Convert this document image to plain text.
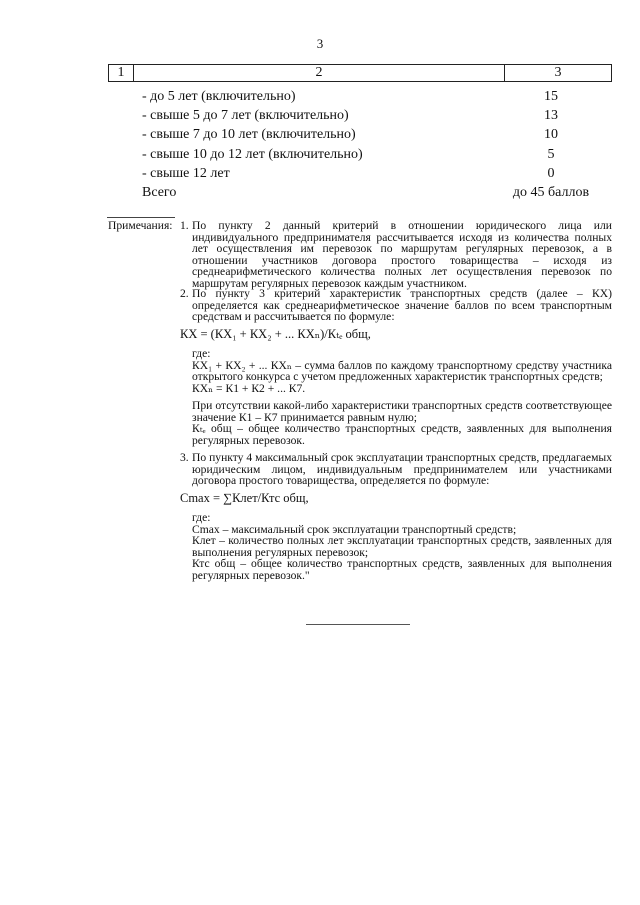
3
1	2	3
- до 5 лет (включительно)	15
- свыше 5 до 7 лет (включительно)	13
- свыше 7 до 10 лет (включительно)	10
- свыше 10 до 12 лет (включительно)	5
- свыше 12 лет	0
Всего	до 45 баллов
Примечания: 1. По пункту 2 данный критерий в отношении юридического лица или индивидуального предпринимателя рассчитывается исходя из количества полных лет осуществления им перевозок по маршрутам регулярных перевозок, а в отношении участников договора простого товарищества – исходя из среднеарифметического количества полных лет осуществления перевозок по маршрутам регулярных перевозок каждым участником.

2. По пункту 3 критерий характеристик транспортных средств (далее – КХ) определяется как среднеарифметическое значение баллов по всем транспортным средствам и рассчитывается по формуле:

КХ = (КХ₁ + КХ₂ + ... КХₙ)/Кₜₑ общ,

где:

КХ₁ + КХ₂ + ... КХₙ – сумма баллов по каждому транспортному средству участника открытого конкурса с учетом предложенных характеристик транспортных средств;

КХₙ = К1 + К2 + ... К7.

При отсутствии какой-либо характеристики транспортных средств соответствующее значение К1 – К7 принимается равным нулю;

Кₜₑ общ – общее количество транспортных средств, заявленных для выполнения регулярных перевозок.

3. По пункту 4 максимальный срок эксплуатации транспортных средств, предлагаемых юридическим лицом, индивидуальным предпринимателем или участниками договора простого товарищества, определяется по формуле:

Сmax = ∑Клет/Ктс общ,

где:

Сmax – максимальный срок эксплуатации транспортный средств;

Клет – количество полных лет эксплуатации транспортных средств, заявленных для выполнения регулярных перевозок;

Ктс общ – общее количество транспортных средств, заявленных для выполнения регулярных перевозок."
